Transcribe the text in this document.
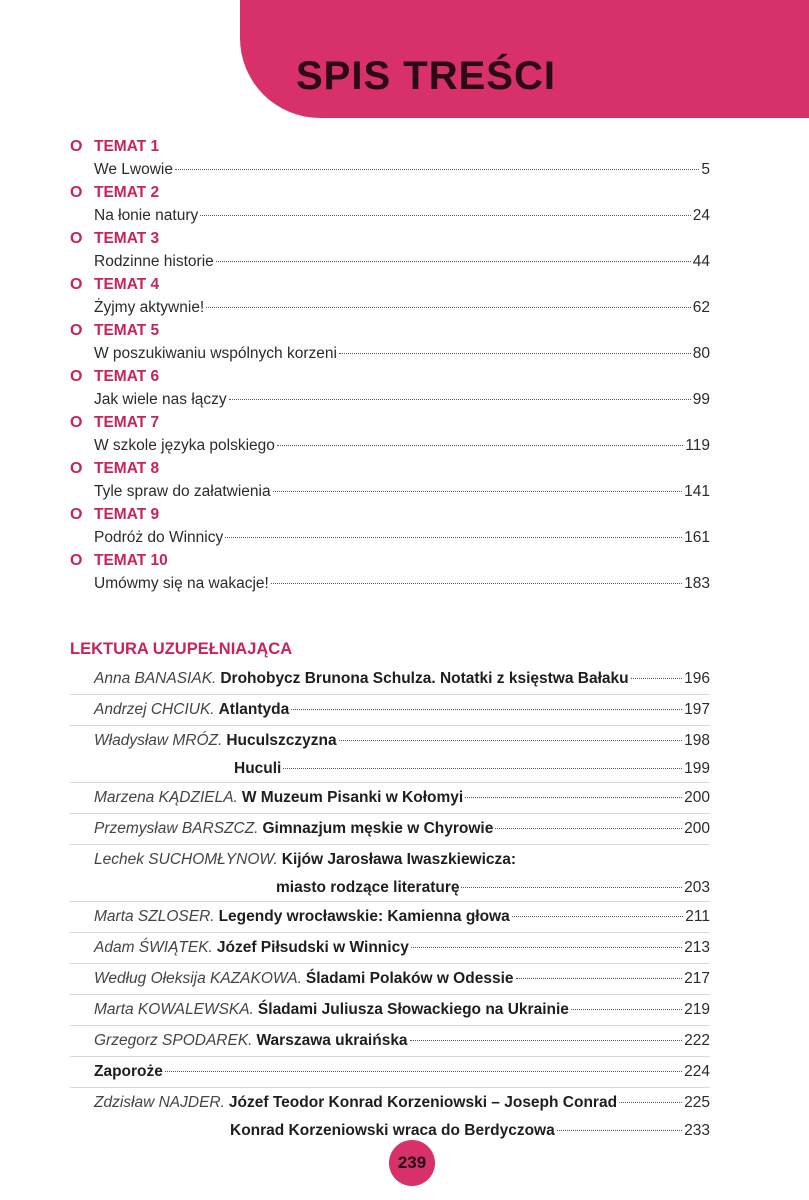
SPIS TREŚCI
O TEMAT 1
We Lwowie	5
O TEMAT 2
Na łonie natury	24
O TEMAT 3
Rodzinne historie	44
O TEMAT 4
Żyjmy aktywnie!	62
O TEMAT 5
W poszukiwaniu wspólnych korzeni	80
O TEMAT 6
Jak wiele nas łączy	99
O TEMAT 7
W szkole języka polskiego	119
O TEMAT 8
Tyle spraw do załatwienia	141
O TEMAT 9
Podróż do Winnicy	161
O TEMAT 10
Umówmy się na wakacje!	183
LEKTURA UZUPEŁNIAJĄCA
Anna BANASIAK. Drohobycz Brunona Schulza. Notatki z księstwa Bałaku	196
Andrzej CHCIUK. Atlantyda	197
Władysław MRÓZ. Huculszczyzna	198
Huculi	199
Marzena KĄDZIELA. W Muzeum Pisanki w Kołomyi	200
Przemysław BARSZCZ. Gimnazjum męskie w Chyrowie	200
Lechek SUCHOMŁYNOW. Kijów Jarosława Iwaszkiewicza:
miasto rodzące literaturę	203
Marta SZLOSER. Legendy wrocławskie: Kamienna głowa	211
Adam ŚWIĄTEK. Józef Piłsudski w Winnicy	213
Według Ołeksija KAZAKOWA. Śladami Polaków w Odessie	217
Marta KOWALEWSKA. Śladami Juliusza Słowackiego na Ukrainie	219
Grzegorz SPODAREK. Warszawa ukraińska	222
Zaporoże	224
Zdzisław NAJDER. Józef Teodor Konrad Korzeniowski – Joseph Conrad	225
Konrad Korzeniowski wraca do Berdyczowa	233
239
